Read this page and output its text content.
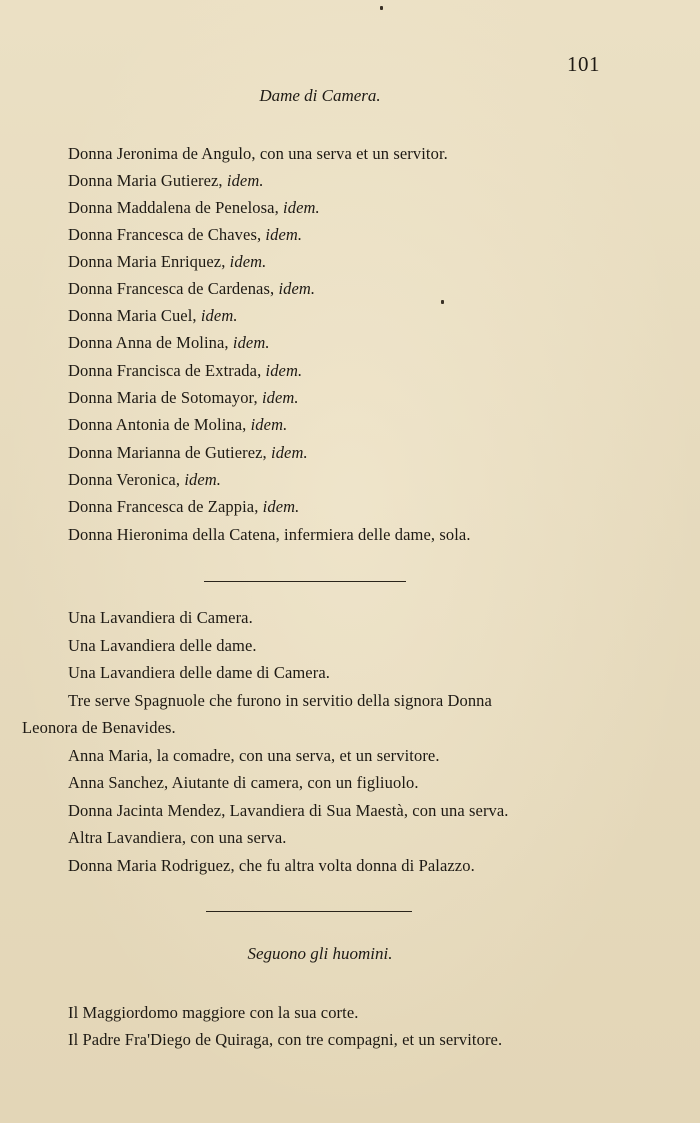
101
Dame di Camera.
Donna Jeronima de Angulo, con una serva et un servitor.
Donna Maria Gutierez, idem.
Donna Maddalena de Penelosa, idem.
Donna Francesca de Chaves, idem.
Donna Maria Enriquez, idem.
Donna Francesca de Cardenas, idem.
Donna Maria Cuel, idem.
Donna Anna de Molina, idem.
Donna Francisca de Extrada, idem.
Donna Maria de Sotomayor, idem.
Donna Antonia de Molina, idem.
Donna Marianna de Gutierez, idem.
Donna Veronica, idem.
Donna Francesca de Zappia, idem.
Donna Hieronima della Catena, infermiera delle dame, sola.
Una Lavandiera di Camera.
Una Lavandiera delle dame.
Una Lavandiera delle dame di Camera.
Tre serve Spagnuole che furono in servitio della signora Donna
Leonora de Benavides.
Anna Maria, la comadre, con una serva, et un servitore.
Anna Sanchez, Aiutante di camera, con un figliuolo.
Donna Jacinta Mendez, Lavandiera di Sua Maestà, con una serva.
Altra Lavandiera, con una serva.
Donna Maria Rodriguez, che fu altra volta donna di Palazzo.
Seguono gli huomini.
Il Maggiordomo maggiore con la sua corte.
Il Padre Fra'Diego de Quiraga, con tre compagni, et un servitore.
